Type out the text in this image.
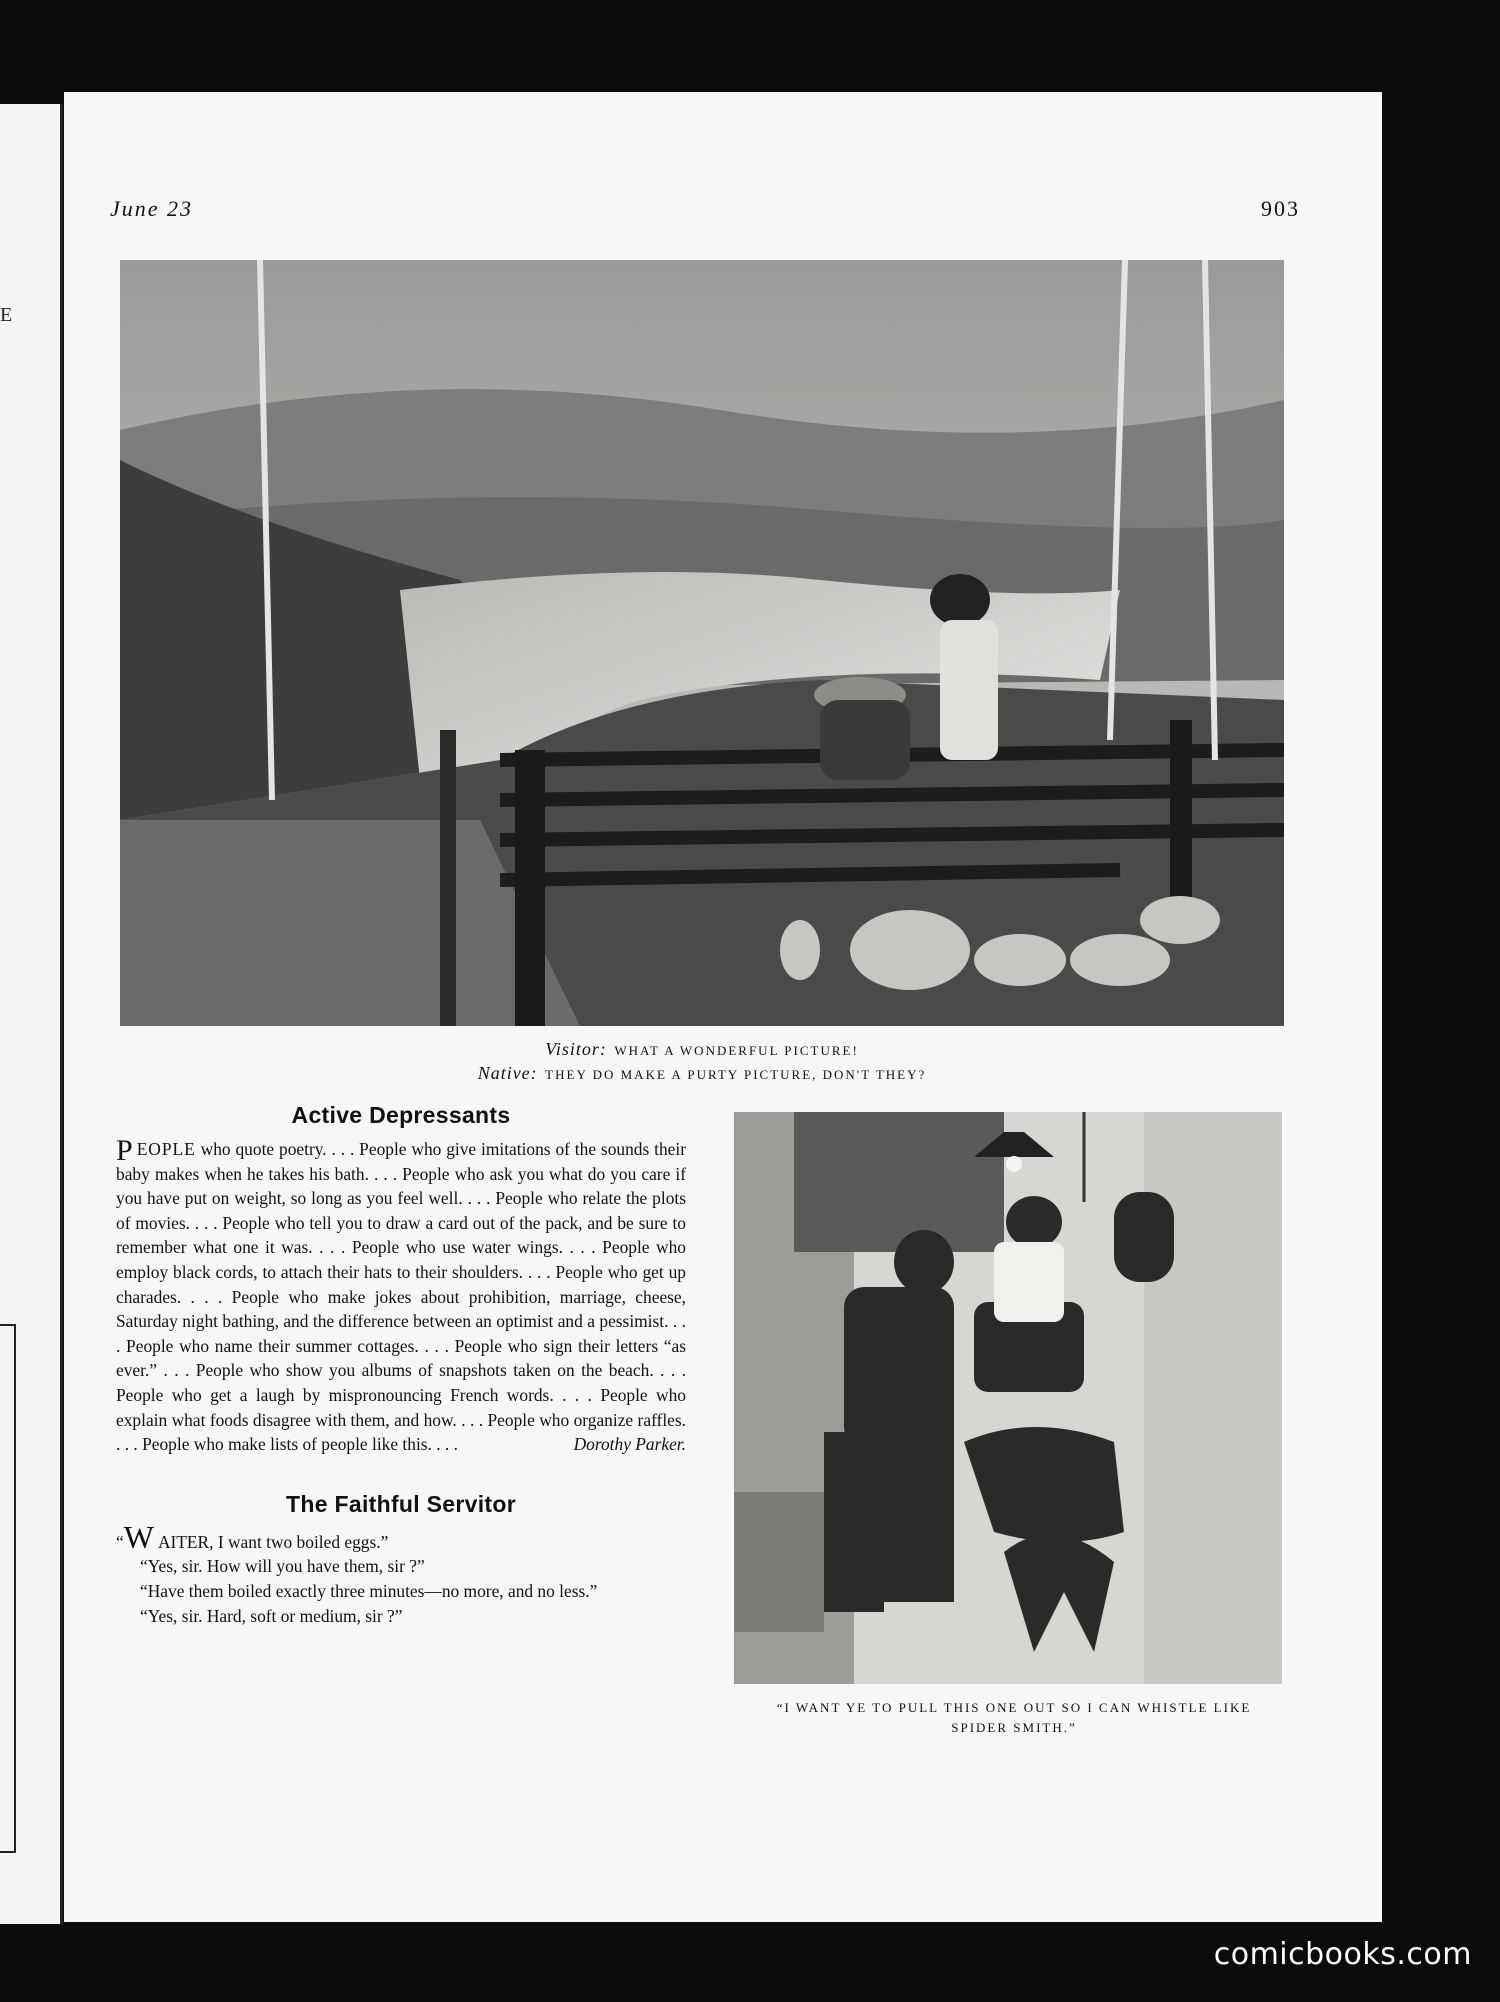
E
June 23	903
Visitor: WHAT A WONDERFUL PICTURE!
Native: THEY DO MAKE A PURTY PICTURE, DON'T THEY?
Active Depressants

PEOPLE who quote poetry. . . . People who give imitations of the sounds their baby makes when he takes his bath. . . . People who ask you what do you care if you have put on weight, so long as you feel well. . . . People who relate the plots of movies. . . . People who tell you to draw a card out of the pack, and be sure to remember what one it was. . . . People who use water wings. . . . People who employ black cords, to attach their hats to their shoulders. . . . People who get up charades. . . . People who make jokes about prohibition, marriage, cheese, Saturday night bathing, and the difference between an optimist and a pessimist. . . . People who name their summer cottages. . . . People who sign their letters “as ever.” . . . People who show you albums of snapshots taken on the beach. . . . People who get a laugh by mispronouncing French words. . . . People who explain what foods disagree with them, and how. . . . People who organize raffles. . . . People who make lists of people like this. . . .	Dorothy Parker.

The Faithful Servitor

“W AITER, I want two boiled eggs.”

“Yes, sir. How will you have them, sir ?”

“Have them boiled exactly three minutes—no more, and no less.”

“Yes, sir. Hard, soft or medium, sir ?”

“I WANT YE TO PULL THIS ONE OUT SO I CAN WHISTLE LIKE SPIDER SMITH.”
comicbooks.com
